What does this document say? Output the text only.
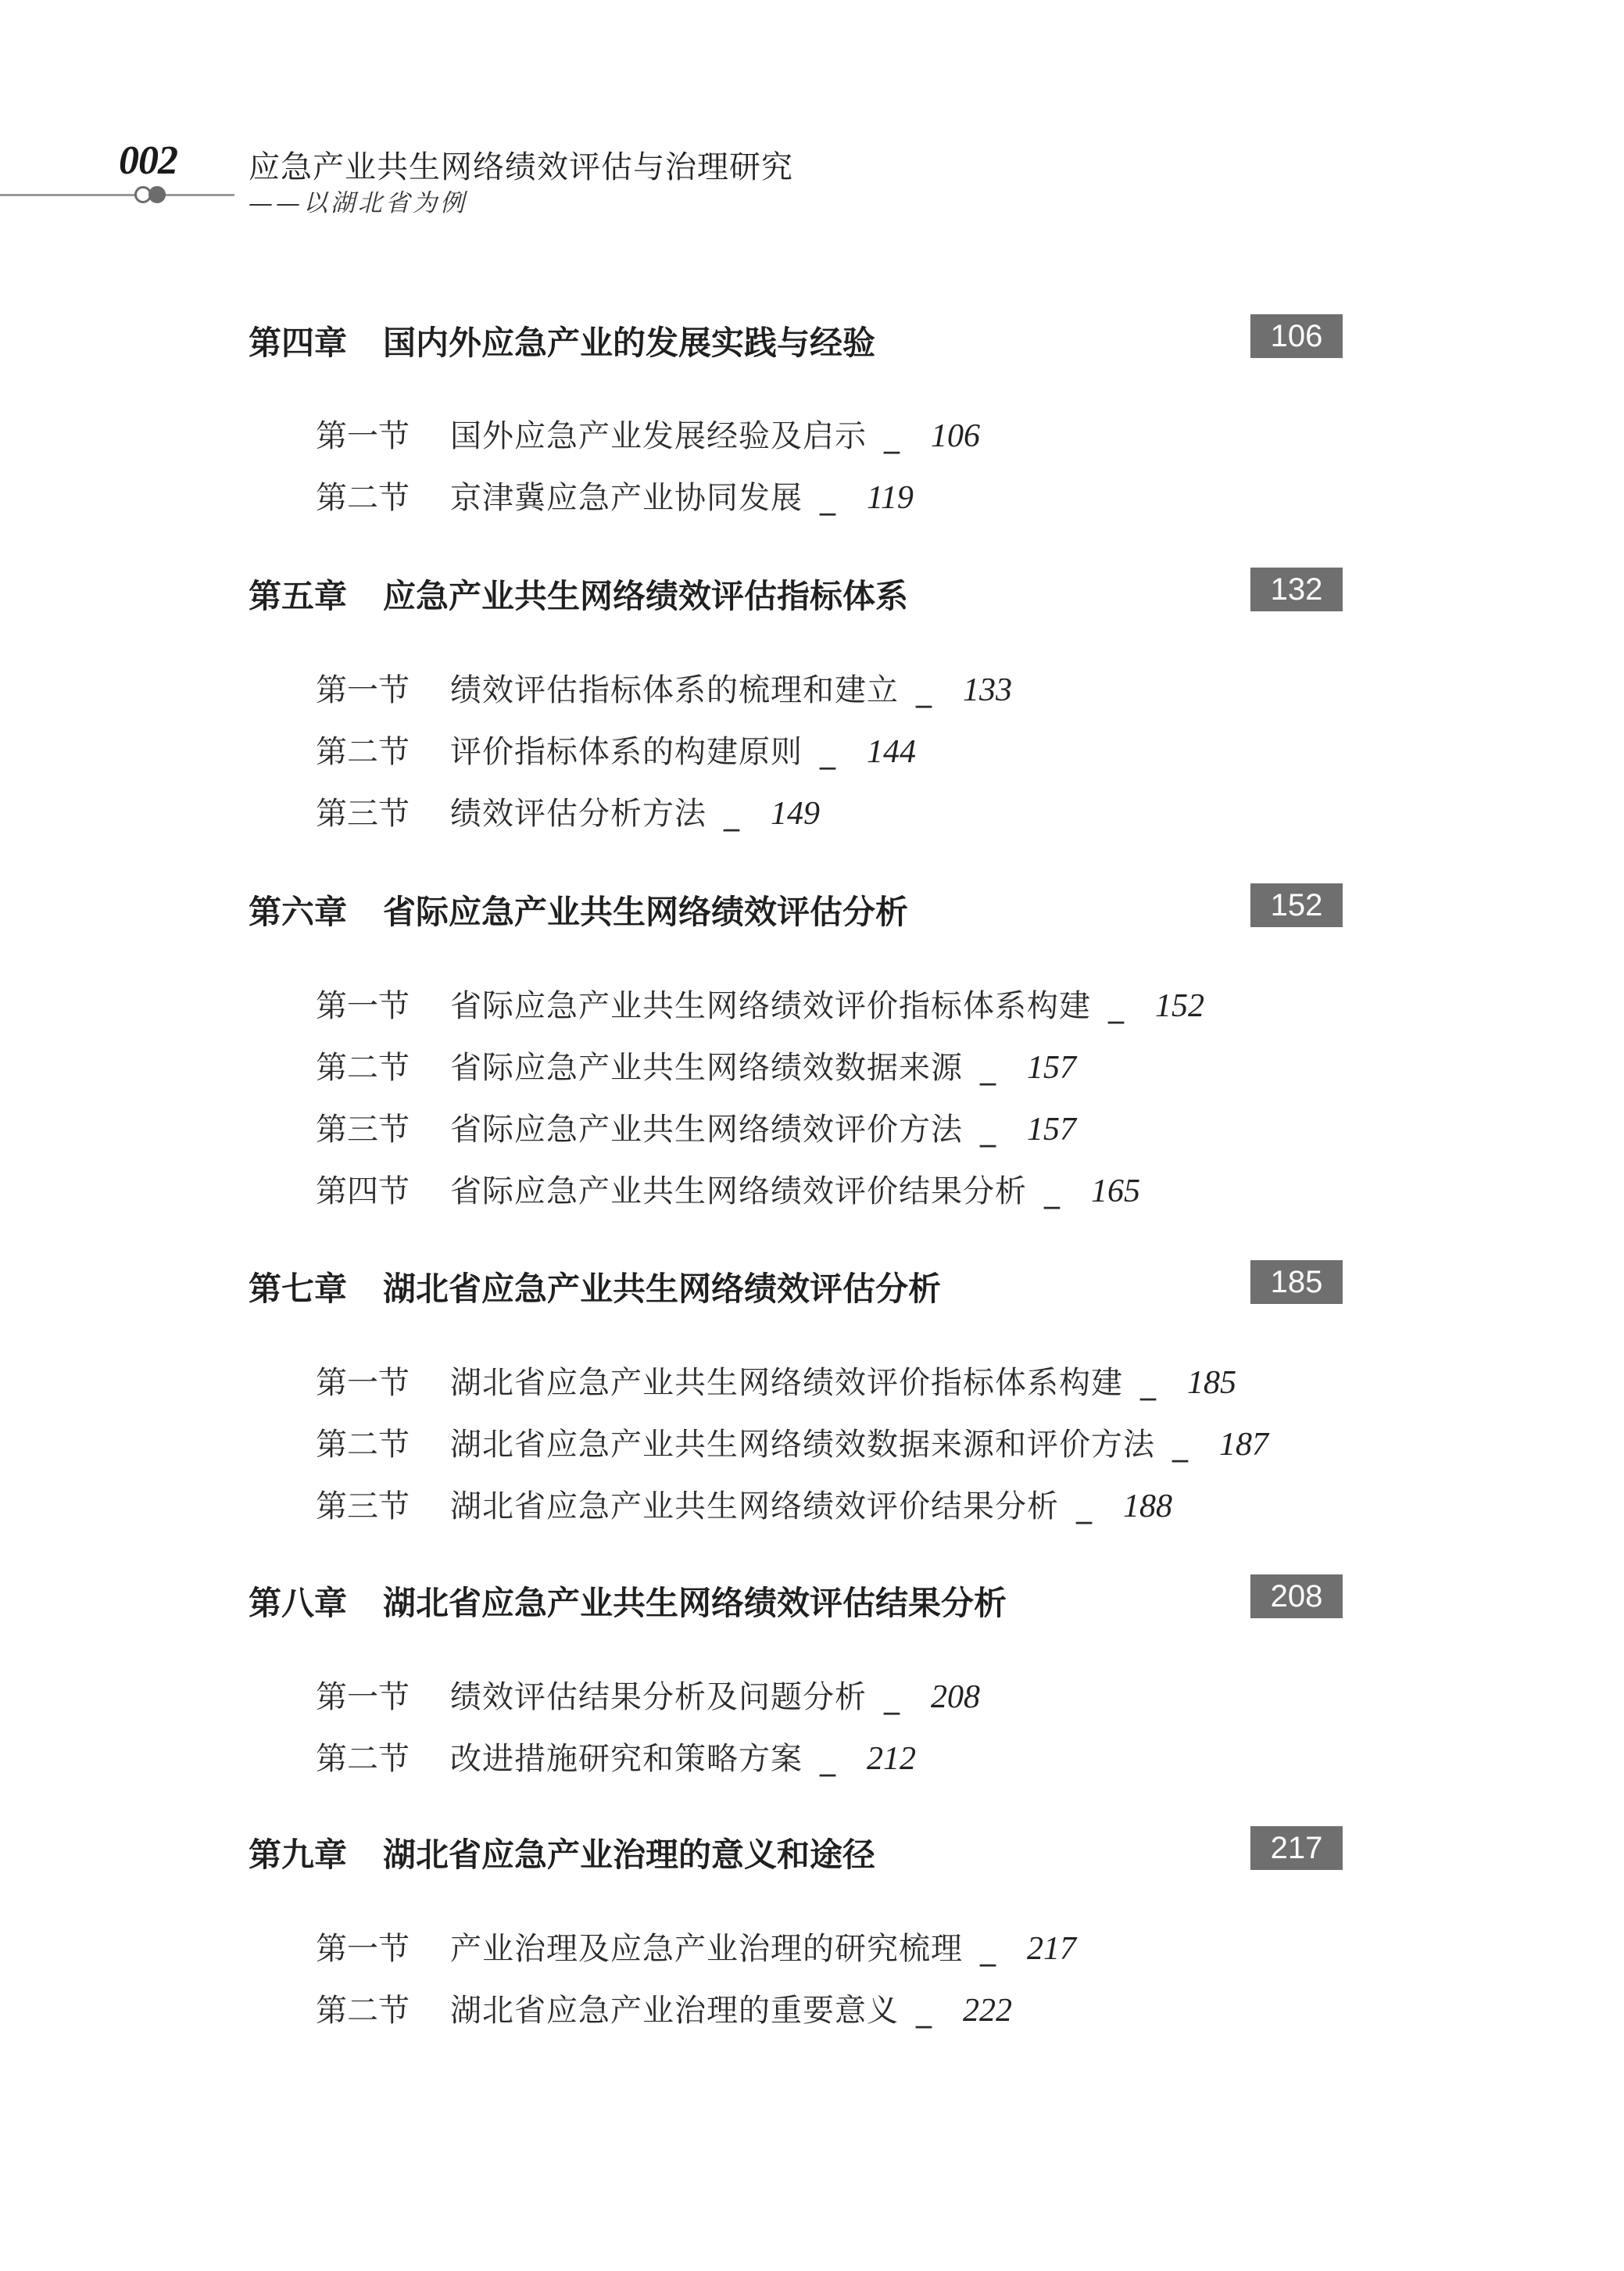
002 应急产业共生网络绩效评估与治理研究
——以湖北省为例
第四章 国内外应急产业的发展实践与经验	106
第一节 国外应急产业发展经验及启示 _ 106
第二节 京津冀应急产业协同发展 _ 119
第五章 应急产业共生网络绩效评估指标体系	132
第一节 绩效评估指标体系的梳理和建立 _ 133
第二节 评价指标体系的构建原则 _ 144
第三节 绩效评估分析方法 _ 149
第六章 省际应急产业共生网络绩效评估分析	152
第一节 省际应急产业共生网络绩效评价指标体系构建 _ 152
第二节 省际应急产业共生网络绩效数据来源 _ 157
第三节 省际应急产业共生网络绩效评价方法 _ 157
第四节 省际应急产业共生网络绩效评价结果分析 _ 165
第七章 湖北省应急产业共生网络绩效评估分析	185
第一节 湖北省应急产业共生网络绩效评价指标体系构建 _ 185
第二节 湖北省应急产业共生网络绩效数据来源和评价方法 _ 187
第三节 湖北省应急产业共生网络绩效评价结果分析 _ 188
第八章 湖北省应急产业共生网络绩效评估结果分析	208
第一节 绩效评估结果分析及问题分析 _ 208
第二节 改进措施研究和策略方案 _ 212
第九章 湖北省应急产业治理的意义和途径	217
第一节 产业治理及应急产业治理的研究梳理 _ 217
第二节 湖北省应急产业治理的重要意义 _ 222
